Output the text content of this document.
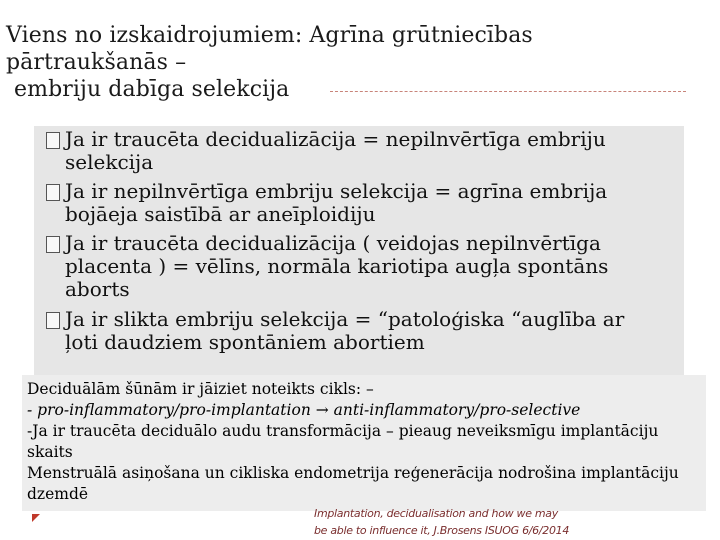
Viens no izskaidrojumiem: Agrīna grūtniecības
pārtraukšanās –
embriju dabīga selekcija
Ja ir traucēta decidualizācija = nepilnvērtīga embriju
selekcija
Ja ir nepilnvērtīga embriju selekcija = agrīna embrija
bojāeja saistībā ar aneīploidiju
Ja ir traucēta decidualizācija ( veidojas nepilnvērtīga
placenta ) = vēlīns, normāla kariotipa augļa spontāns
aborts
Ja ir slikta embriju selekcija = “patoloģiska “auglība ar
ļoti daudziem spontāniem abortiem
Deciduālām šūnām ir jāiziet noteikts cikls: –
- pro-inflammatory/pro-implantation → anti-inflammatory/pro-selective
-Ja ir traucēta deciduālo audu transformācija – pieaug neveiksmīgu implantāciju
skaits
Menstruālā asiņošana un cikliska endometrija reģenerācija nodrošina implantāciju
dzemdē
Implantation, decidualisation and how we may
be able to influence it, J.Brosens ISUOG 6/6/2014
